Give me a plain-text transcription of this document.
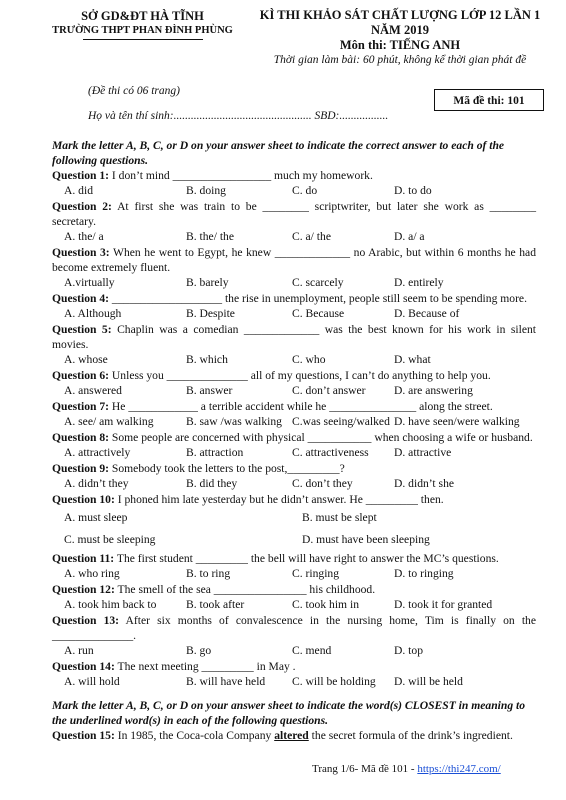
SỞ GD&ĐT HÀ TĨNH
TRƯỜNG THPT PHAN ĐÌNH PHÙNG
KÌ THI KHẢO SÁT CHẤT LƯỢNG LỚP 12 LẦN 1
NĂM 2019
Môn thi: TIẾNG ANH
Thời gian làm bài: 60 phút, không kể thời gian phát đề
(Đề thi có 06 trang)
Mã đề thi: 101
Họ và tên thí sinh:................................................ SBD:.................
Mark the letter A, B, C, or D on your answer sheet to indicate the correct answer to each of the following questions.
Question 1: I don’t mind _________________ much my homework.
A. did	B. doing	C. do	D. to do
Question 2: At first she was train to be ________ scriptwriter, but later she work as ________ secretary.
A. the/ a	B. the/ the	C. a/ the	D. a/ a
Question 3: When he went to Egypt, he knew _____________ no Arabic, but within 6 months he had become extremely fluent.
A.virtually	B. barely	C. scarcely	D. entirely
Question 4: ___________________ the rise in unemployment, people still seem to be spending more.
A. Although	B. Despite	C. Because	D. Because of
Question 5: Chaplin was a comedian _____________ was the best known for his work in silent movies.
A. whose	B. which	C. who	D. what
Question 6: Unless you ______________ all of my questions, I can’t do anything to help you.
A. answered	B. answer	C. don’t answer	D. are answering
Question 7: He ____________ a terrible accident while he _______________ along the street.
A. see/ am walking	B. saw /was walking C.was seeing/walked D. have seen/were walking
Question 8: Some people are concerned with physical ___________ when choosing a wife or husband.
A. attractively	B. attraction	C. attractiveness	D. attractive
Question 9: Somebody took the letters to the post,_________?
A. didn’t they	B. did they	C. don’t they	D. didn’t she
Question 10: I phoned him late yesterday but he didn’t answer. He _________ then.
A. must sleep	B. must be slept
C. must be sleeping	D. must have been sleeping
Question 11: The first student _________ the bell will have right to answer the MC’s questions.
A. who ring	B. to ring	C. ringing	D. to ringing
Question 12: The smell of the sea ________________ his childhood.
A. took him back to	B. took after	C. took him in	D. took it for granted
Question 13: After six months of convalescence in the nursing home, Tim is finally on the ______________.
A. run	B. go	C. mend	D. top
Question 14: The next meeting _________ in May .
A. will hold	B. will have held	C. will be holding	D. will be held
Mark the letter A, B, C, or D on your answer sheet to indicate the word(s) CLOSEST in meaning to the underlined word(s) in each of the following questions.
Question 15: In 1985, the Coca-cola Company altered the secret formula of the drink’s ingredient.
Trang 1/6- Mã đề 101 - https://thi247.com/
